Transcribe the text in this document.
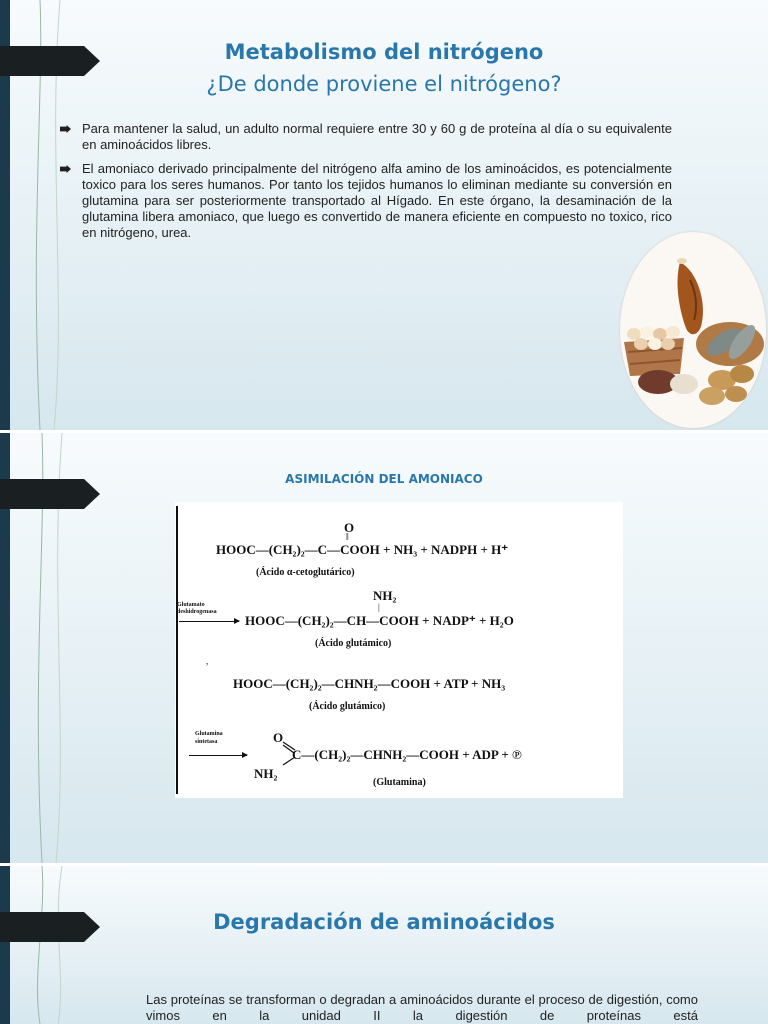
Metabolismo del nitrógeno
¿De donde proviene el nitrógeno?
Para mantener la salud, un adulto normal requiere entre 30 y 60 g de proteína al día o su equivalente en aminoácidos libres.
El amoniaco derivado principalmente del nitrógeno alfa amino de los aminoácidos, es potencialmente toxico para los seres humanos. Por tanto los tejidos humanos lo eliminan mediante su conversión en glutamina para ser posteriormente transportado al Hígado. En este órgano, la desaminación de la glutamina libera amoniaco, que luego es convertido de manera eficiente en compuesto no toxico, rico en nitrógeno, urea.
ASIMILACIÓN DEL AMONIACO
O
‖
HOOC—(CH₂)₂—C—COOH + NH₃ + NADPH + H⁺
(Ácido α-cetoglutárico)
Glutamato
deshidrogenasa
NH₂
|
HOOC—(CH₂)₂—CH—COOH + NADP⁺ + H₂O
(Ácido glutámico)
,
HOOC—(CH₂)₂—CHNH₂—COOH + ATP + NH₃
(Ácido glutámico)
Glutamina
sintetasa	O
C—(CH₂)₂—CHNH₂—COOH + ADP + ℗
NH₂
(Glutamina)
Degradación de aminoácidos
Las proteínas se transforman o degradan a aminoácidos durante el proceso de digestión, como vimos en la unidad II la digestión de proteínas está
